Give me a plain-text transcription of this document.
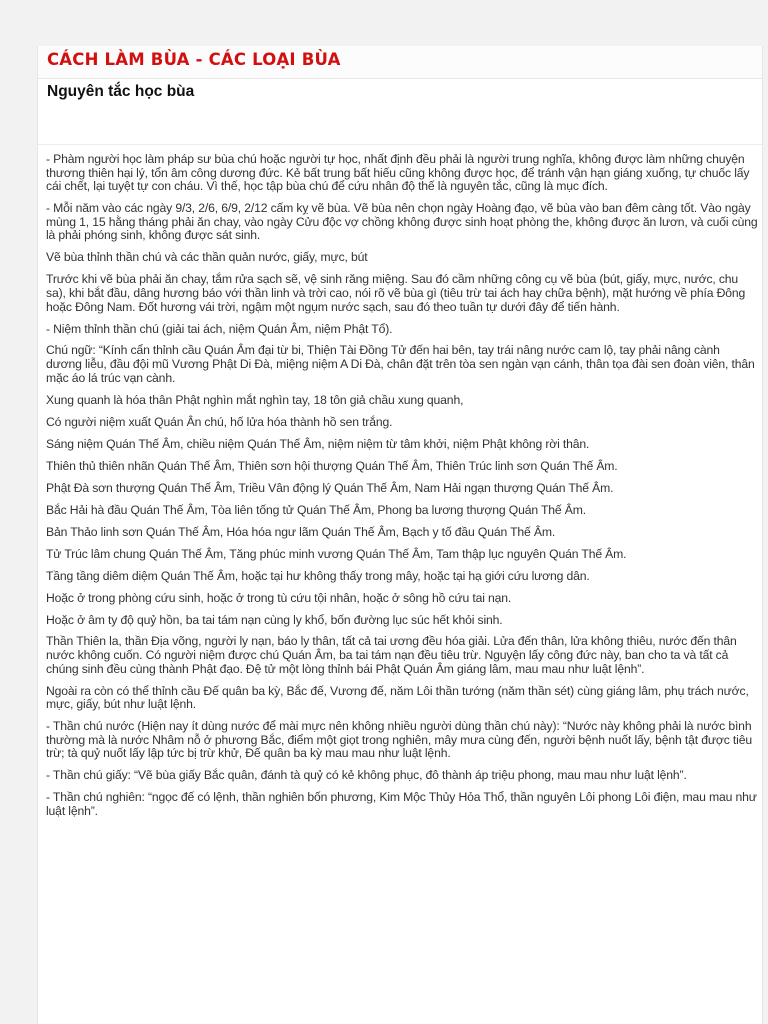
CÁCH LÀM BÙA - CÁC LOẠI BÙA
Nguyên tắc học bùa

- Phàm người học làm pháp sư bùa chú hoặc người tự học, nhất định đều phải là người trung nghĩa, không được làm những chuyện thương thiên hại lý, tổn âm công dương đức. Kẻ bất trung bất hiếu cũng không được học, để tránh vận hạn giáng xuống, tự chuốc lấy cái chết, lại tuyệt tự con cháu. Vì thế, học tập bùa chú để cứu nhân độ thế là nguyên tắc, cũng là mục đích.

- Mỗi năm vào các ngày 9/3, 2/6, 6/9, 2/12 cấm kỵ vẽ bùa. Vẽ bùa nên chọn ngày Hoàng đạo, vẽ bùa vào ban đêm càng tốt. Vào ngày mùng 1, 15 hằng tháng phải ăn chay, vào ngày Cửu độc vợ chồng không được sinh hoạt phòng the, không được ăn lươn, và cuối cùng là phải phóng sinh, không được sát sinh.

Vẽ bùa thỉnh thần chú và các thần quản nước, giấy, mực, bút

Trước khi vẽ bùa phải ăn chay, tắm rửa sạch sẽ, vệ sinh răng miệng. Sau đó cầm những công cụ vẽ bùa (bút, giấy, mực, nước, chu sa), khi bắt đầu, dâng hương báo với thần linh và trời cao, nói rõ vẽ bùa gì (tiêu trừ tai ách hay chữa bệnh), mặt hướng về phía Đông hoặc Đông Nam. Đốt hương vái trời, ngậm một ngụm nước sạch, sau đó theo tuần tự dưới đây để tiến hành.

- Niệm thỉnh thần chú (giải tai ách, niệm Quán Âm, niệm Phật Tổ).

Chú ngữ: “Kính cẩn thỉnh cầu Quán Âm đại từ bi, Thiện Tài Đồng Tử đến hai bên, tay trái nâng nước cam lộ, tay phải nâng cành dương liễu, đầu đội mũ Vương Phật Di Đà, miệng niệm A Di Đà, chân đặt trên tòa sen ngàn vạn cánh, thân tọa đài sen đoàn viên, thân mặc áo lá trúc vạn cành.

Xung quanh là hóa thân Phật nghìn mắt nghìn tay, 18 tôn giả chầu xung quanh,

Có người niệm xuất Quán Ân chú, hố lửa hóa thành hồ sen trắng.

Sáng niệm Quán Thế Âm, chiều niệm Quán Thế Âm, niệm niệm từ tâm khởi, niệm Phật không rời thân.

Thiên thủ thiên nhãn Quán Thế Âm, Thiên sơn hội thượng Quán Thế Âm, Thiên Trúc linh sơn Quán Thế Âm.

Phật Đà sơn thượng Quán Thế Âm, Triều Vân động lý Quán Thế Âm, Nam Hải ngạn thượng Quán Thế Âm.

Bắc Hải hà đầu Quán Thế Âm, Tòa liên tống tử Quán Thế Âm, Phong ba lương thượng Quán Thế Âm.

Bản Thảo linh sơn Quán Thế Âm, Hóa hóa ngư lãm Quán Thế Âm, Bạch y tố đầu Quán Thế Âm.

Tử Trúc lâm chung Quán Thế Âm, Tăng phúc minh vương Quán Thế Âm, Tam thập lục nguyên Quán Thế Âm.

Tầng tầng diêm diệm Quán Thế Âm, hoặc tại hư không thấy trong mây, hoặc tại hạ giới cứu lương dân.

Hoặc ở trong phòng cứu sinh, hoặc ở trong tù cứu tội nhân, hoặc ở sông hồ cứu tai nạn.

Hoặc ở âm ty độ quỷ hồn, ba tai tám nạn cùng ly khổ, bốn đường lục súc hết khỏi sinh.

Thần Thiên la, thần Địa võng, người ly nạn, báo ly thân, tất cả tai ương đều hóa giải. Lửa đến thân, lửa không thiêu, nước đến thân nước không cuốn. Có người niệm được chú Quán Âm, ba tai tám nạn đều tiêu trừ. Nguyện lấy công đức này, ban cho ta và tất cả chúng sinh đều cùng thành Phật đạo. Đệ tử một lòng thỉnh bái Phật Quán Âm giáng lâm, mau mau như luật lệnh”.

Ngoài ra còn có thể thỉnh cầu Đế quân ba kỳ, Bắc đế, Vương đế, năm Lôi thần tướng (năm thần sét) cùng giáng lâm, phụ trách nước, mực, giấy, bút như luật lệnh.

- Thần chú nước (Hiện nay ít dùng nước để mài mực nên không nhiều người dùng thần chú này): “Nước này không phải là nước bình thường mà là nước Nhâm nỗ ở phương Bắc, điểm một giọt trong nghiên, mây mưa cùng đến, người bệnh nuốt lấy, bệnh tật được tiêu trừ; tà quỷ nuốt lấy lập tức bị trừ khử, Đế quân ba kỳ mau mau như luật lệnh.

- Thần chú giấy: “Vẽ bùa giấy Bắc quân, đánh tà quỷ có kẻ không phục, đô thành áp triệu phong, mau mau như luật lệnh”.

- Thần chú nghiên: “ngọc đế có lệnh, thần nghiên bốn phương, Kim Mộc Thủy Hỏa Thổ, thần nguyên Lôi phong Lôi điện, mau mau như luật lệnh”.
